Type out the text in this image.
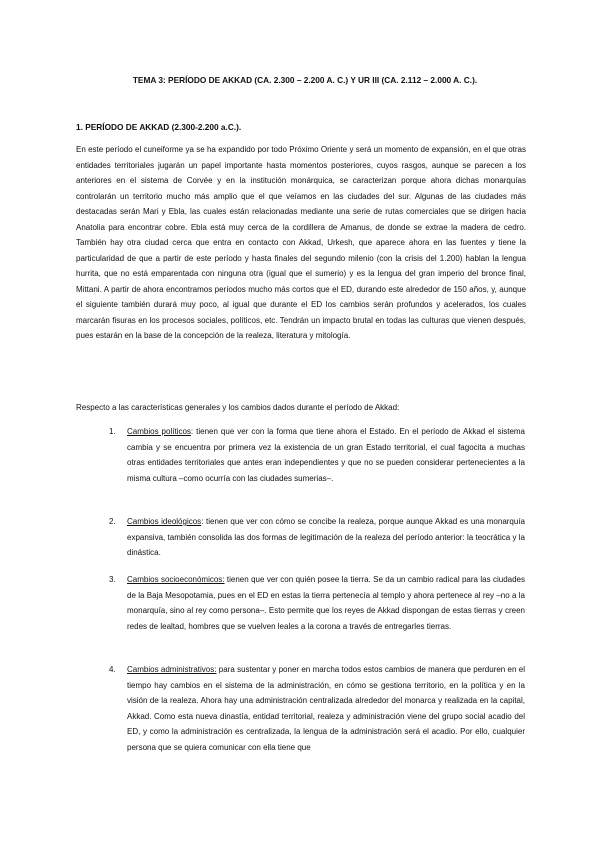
TEMA 3: PERÍODO DE AKKAD (CA. 2.300 – 2.200 A. C.) Y UR III (CA. 2.112 – 2.000 A. C.).
1. PERÍODO DE AKKAD (2.300-2.200 a.C.).

En este período el cuneiforme ya se ha expandido por todo Próximo Oriente y será un momento de expansión, en el que otras entidades territoriales jugarán un papel importante hasta momentos posteriores, cuyos rasgos, aunque se parecen a los anteriores en el sistema de Corvée y en la institución monárquica, se caracterizan porque ahora dichas monarquías controlarán un territorio mucho más amplio que el que veíamos en las ciudades del sur. Algunas de las ciudades más destacadas serán Mari y Ebla, las cuales están relacionadas mediante una serie de rutas comerciales que se dirigen hacia Anatolia para encontrar cobre. Ebla está muy cerca de la cordillera de Amanus, de donde se extrae la madera de cedro. También hay otra ciudad cerca que entra en contacto con Akkad, Urkesh, que aparece ahora en las fuentes y tiene la particularidad de que a partir de este período y hasta finales del segundo milenio (con la crisis del 1.200) hablan la lengua hurrita, que no está emparentada con ninguna otra (igual que el sumerio) y es la lengua del gran imperio del bronce final, Mittani. A partir de ahora encontramos períodos mucho más cortos que el ED, durando este alrededor de 150 años, y, aunque el siguiente también durará muy poco, al igual que durante el ED los cambios serán profundos y acelerados, los cuales marcarán fisuras en los procesos sociales, políticos, etc. Tendrán un impacto brutal en todas las culturas que vienen después, pues estarán en la base de la concepción de la realeza, literatura y mitología.

Respecto a las características generales y los cambios dados durante el período de Akkad:

1. Cambios políticos: tienen que ver con la forma que tiene ahora el Estado. En el período de Akkad el sistema cambia y se encuentra por primera vez la existencia de un gran Estado territorial, el cual fagocita a muchas otras entidades territoriales que antes eran independientes y que no se pueden considerar pertenecientes a la misma cultura –como ocurría con las ciudades sumerias–.
2. Cambios ideológicos: tienen que ver con cómo se concibe la realeza, porque aunque Akkad es una monarquía expansiva, también consolida las dos formas de legitimación de la realeza del período anterior: la teocrática y la dinástica.
3. Cambios socioeconómicos: tienen que ver con quién posee la tierra. Se da un cambio radical para las ciudades de la Baja Mesopotamia, pues en el ED en estas la tierra pertenecía al templo y ahora pertenece al rey –no a la monarquía, sino al rey como persona–. Esto permite que los reyes de Akkad dispongan de estas tierras y creen redes de lealtad, hombres que se vuelven leales a la corona a través de entregarles tierras.
4. Cambios administrativos: para sustentar y poner en marcha todos estos cambios de manera que perduren en el tiempo hay cambios en el sistema de la administración, en cómo se gestiona territorio, en la política y en la visión de la realeza. Ahora hay una administración centralizada alrededor del monarca y realizada en la capital, Akkad. Como esta nueva dinastía, entidad territorial, realeza y administración viene del grupo social acadio del ED, y como la administración es centralizada, la lengua de la administración será el acadio. Por ello, cualquier persona que se quiera comunicar con ella tiene que
